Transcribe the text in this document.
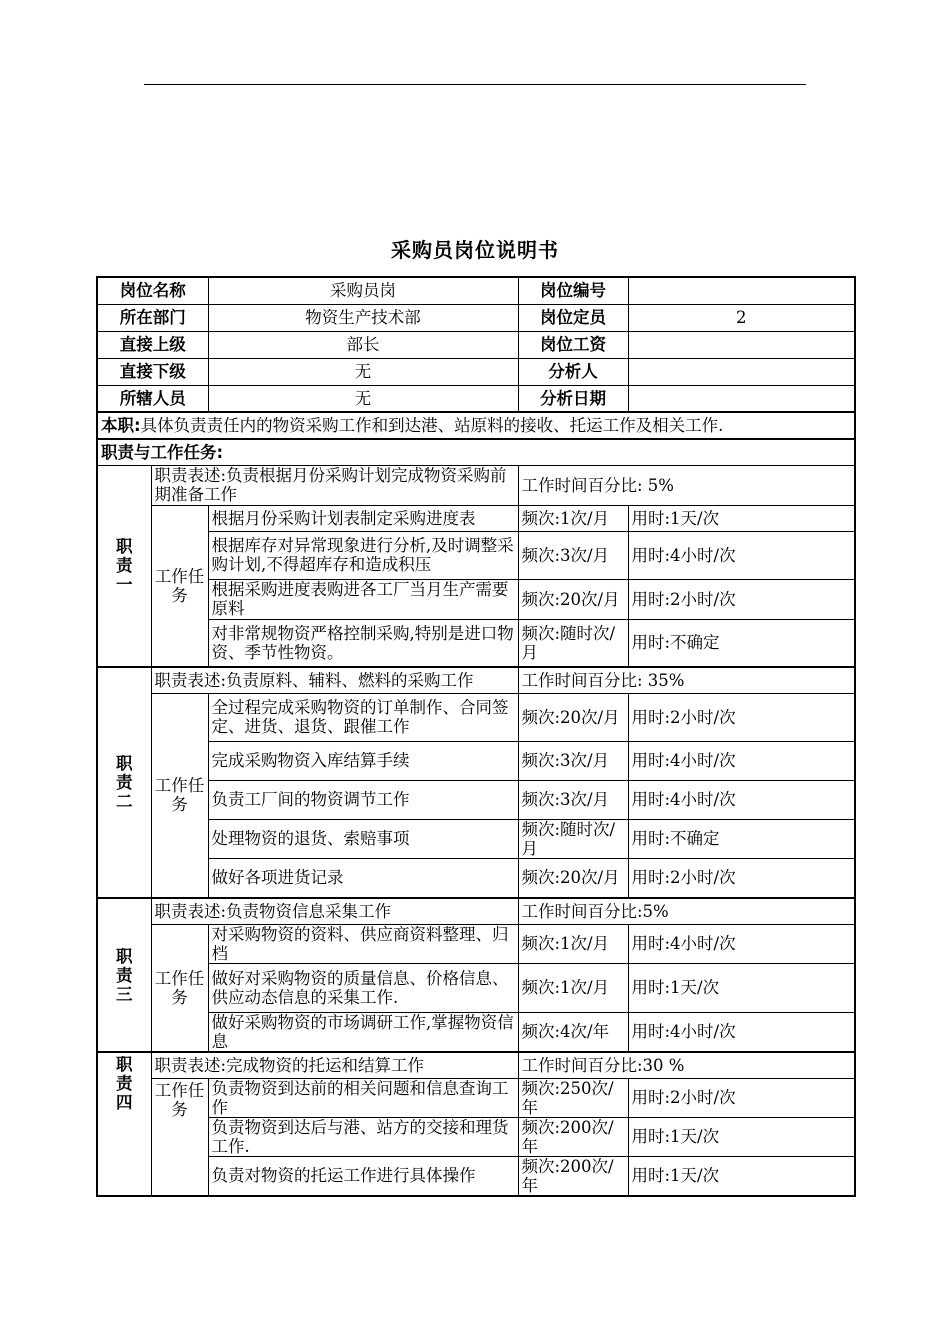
采购员岗位说明书
岗位名称		采购员岗	岗位编号	
所在部门		物资生产技术部	岗位定员	2
直接上级		部长	岗位工资	
直接下级		无	分析人	
所辖人员		无	分析日期	
本职:具体负责责任内的物资采购工作和到达港、站原料的接收、托运工作及相关工作.				
职责与工作任务:				

职
责
一	职责表述:负责根据月份采购计划完成物资采购前期准备工作		工作时间百分比: 5%	
	工作任务	根据月份采购计划表制定采购进度表	频次:1次/月	用时:1天/次
		根据库存对异常现象进行分析,及时调整采购计划,不得超库存和造成积压	频次:3次/月	用时:4小时/次
		根据采购进度表购进各工厂当月生产需要原料	频次:20次/月	用时:2小时/次
		对非常规物资严格控制采购,特别是进口物资、季节性物资。	频次:随时次/月	用时:不确定

职
责
二	职责表述:负责原料、辅料、燃料的采购工作		工作时间百分比: 35%	
	工作任务	全过程完成采购物资的订单制作、合同签定、进货、退货、跟催工作	频次:20次/月	用时:2小时/次
		完成采购物资入库结算手续	频次:3次/月	用时:4小时/次
		负责工厂间的物资调节工作	频次:3次/月	用时:4小时/次
		处理物资的退货、索赔事项	频次:随时次/月	用时:不确定
		做好各项进货记录	频次:20次/月	用时:2小时/次

职
责
三	职责表述:负责物资信息采集工作		工作时间百分比:5%	
	工作任务	对采购物资的资料、供应商资料整理、归档	频次:1次/月	用时:4小时/次
		做好对采购物资的质量信息、价格信息、供应动态信息的采集工作.	频次:1次/月	用时:1天/次
		做好采购物资的市场调研工作,掌握物资信息	频次:4次/年	用时:4小时/次

职
责
四	职责表述:完成物资的托运和结算工作		工作时间百分比:30 %	
	工作任务	负责物资到达前的相关问题和信息查询工作	频次:250次/年	用时:2小时/次
		负责物资到达后与港、站方的交接和理货工作.	频次:200次/年	用时:1天/次
		负责对物资的托运工作进行具体操作	频次:200次/年	用时:1天/次
